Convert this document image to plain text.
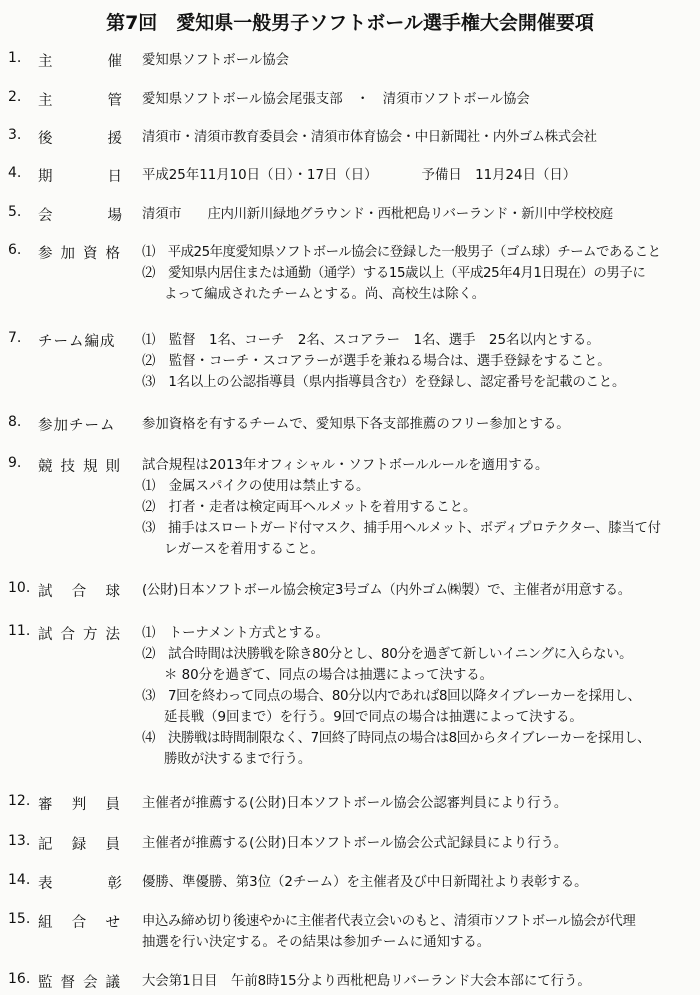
第7回　愛知県一般男子ソフトボール選手権大会開催要項
1. 主	催 愛知県ソフトボール協会
2. 主	管 愛知県ソフトボール協会尾張支部　・　清須市ソフトボール協会
3. 後	援 清須市・清須市教育委員会・清須市体育協会・中日新聞社・内外ゴム株式会社
4. 期	日 平成25年11月10日（日）・17日（日）	予備日　11月24日（日）
5. 会	場 清須市　　庄内川新川緑地グラウンド・西枇杷島リバーランド・新川中学校校庭
6. 参 加 資 格 ⑴　平成25年度愛知県ソフトボール協会に登録した一般男子（ゴム球）チームであること
⑵　愛知県内居住または通勤（通学）する15歳以上（平成25年4月1日現在）の男子に
よって編成されたチームとする。尚、高校生は除く。
7. チーム編成 ⑴　監督　1名、コーチ　2名、スコアラー　1名、選手　25名以内とする。
⑵　監督・コーチ・スコアラーが選手を兼ねる場合は、選手登録をすること。
⑶　1名以上の公認指導員（県内指導員含む）を登録し、認定番号を記載のこと。
8. 参加チーム 参加資格を有するチームで、愛知県下各支部推薦のフリー参加とする。
9. 競 技 規 則 試合規程は2013年オフィシャル・ソフトボールルールを適用する。
⑴　金属スパイクの使用は禁止する。
⑵　打者・走者は検定両耳ヘルメットを着用すること。
⑶　捕手はスロートガード付マスク、捕手用ヘルメット、ボディプロテクター、膝当て付
レガースを着用すること。
10. 試 合 球 (公財)日本ソフトボール協会検定3号ゴム（内外ゴム㈱製）で、主催者が用意する。
11. 試 合 方 法 ⑴　トーナメント方式とする。
⑵　試合時間は決勝戦を除き80分とし、80分を過ぎて新しいイニングに入らない。
＊ 80分を過ぎて、同点の場合は抽選によって決する。
⑶　7回を終わって同点の場合、80分以内であれば8回以降タイブレーカーを採用し、
延長戦（9回まで）を行う。9回で同点の場合は抽選によって決する。
⑷　決勝戦は時間制限なく、7回終了時同点の場合は8回からタイブレーカーを採用し、
勝敗が決するまで行う。
12. 審 判 員 主催者が推薦する(公財)日本ソフトボール協会公認審判員により行う。
13. 記 録 員 主催者が推薦する(公財)日本ソフトボール協会公式記録員により行う。
14. 表	彰 優勝、準優勝、第3位（2チーム）を主催者及び中日新聞社より表彰する。
15. 組 合 せ 申込み締め切り後速やかに主催者代表立会いのもと、清須市ソフトボール協会が代理
抽選を行い決定する。その結果は参加チームに通知する。
16. 監 督 会 議 大会第1日目　午前8時15分より西枇杷島リバーランド大会本部にて行う。
